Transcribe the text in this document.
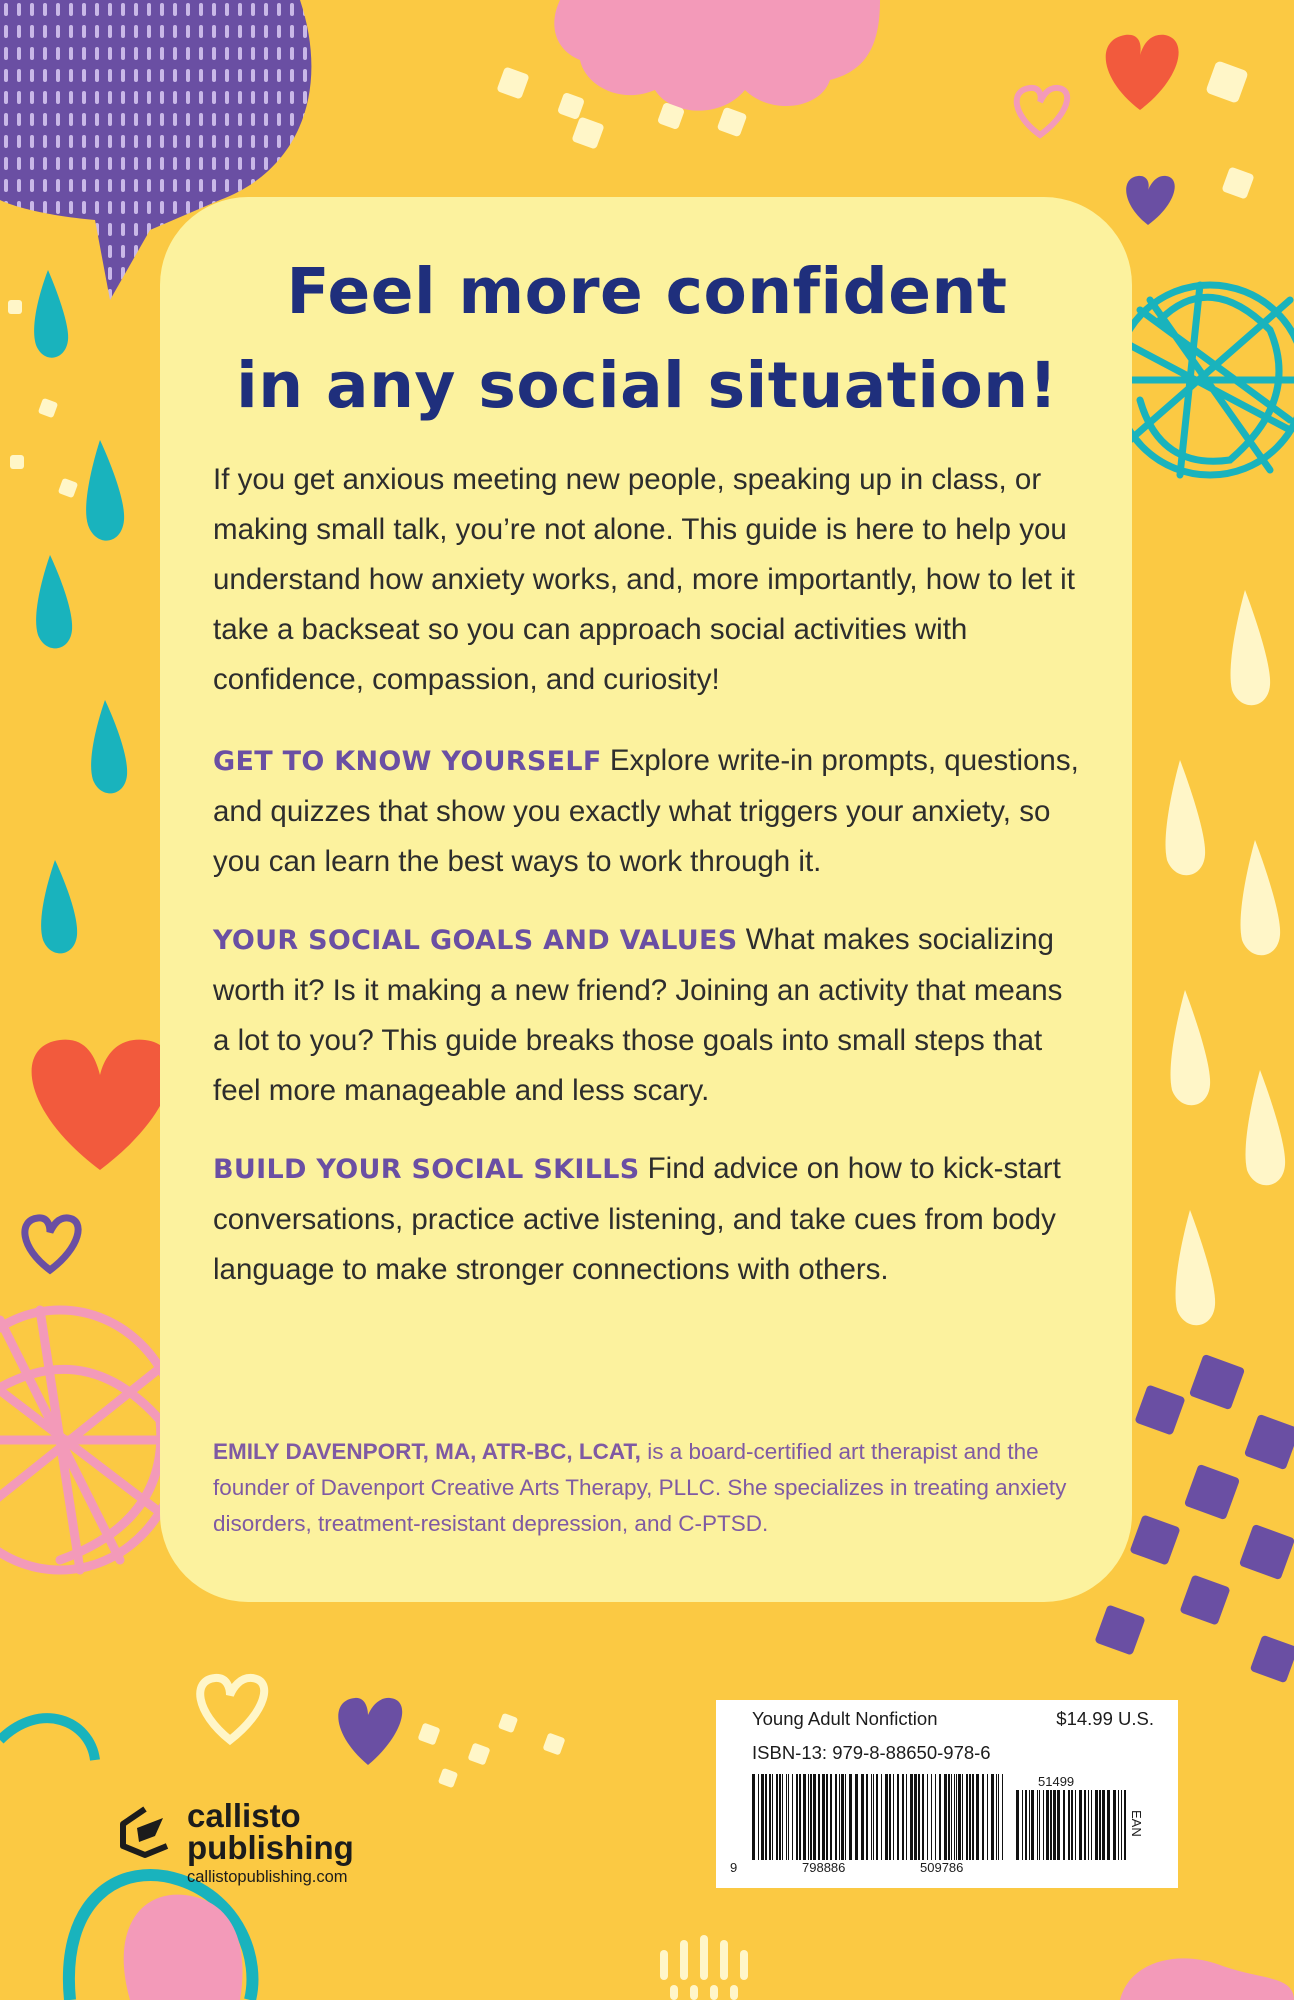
Feel more confident
in any social situation!

If you get anxious meeting new people, speaking up in class, or making small talk, you’re not alone. This guide is here to help you understand how anxiety works, and, more importantly, how to let it take a backseat so you can approach social activities with confidence, compassion, and curiosity!

GET TO KNOW YOURSELF Explore write-in prompts, questions, and quizzes that show you exactly what triggers your anxiety, so you can learn the best ways to work through it.

YOUR SOCIAL GOALS AND VALUES What makes socializing worth it? Is it making a new friend? Joining an activity that means a lot to you? This guide breaks those goals into small steps that feel more manageable and less scary.

BUILD YOUR SOCIAL SKILLS Find advice on how to kick-start conversations, practice active listening, and take cues from body language to make stronger connections with others.

EMILY DAVENPORT, MA, ATR-BC, LCAT, is a board-certified art therapist and the founder of Davenport Creative Arts Therapy, PLLC. She specializes in treating anxiety disorders, treatment-resistant depression, and C-PTSD.

callisto
publishing
callistopublishing.com

Young Adult Nonfiction	$14.99 U.S.

ISBN-13: 979-8-88650-978-6

51499

9	798886	509786

EAN
